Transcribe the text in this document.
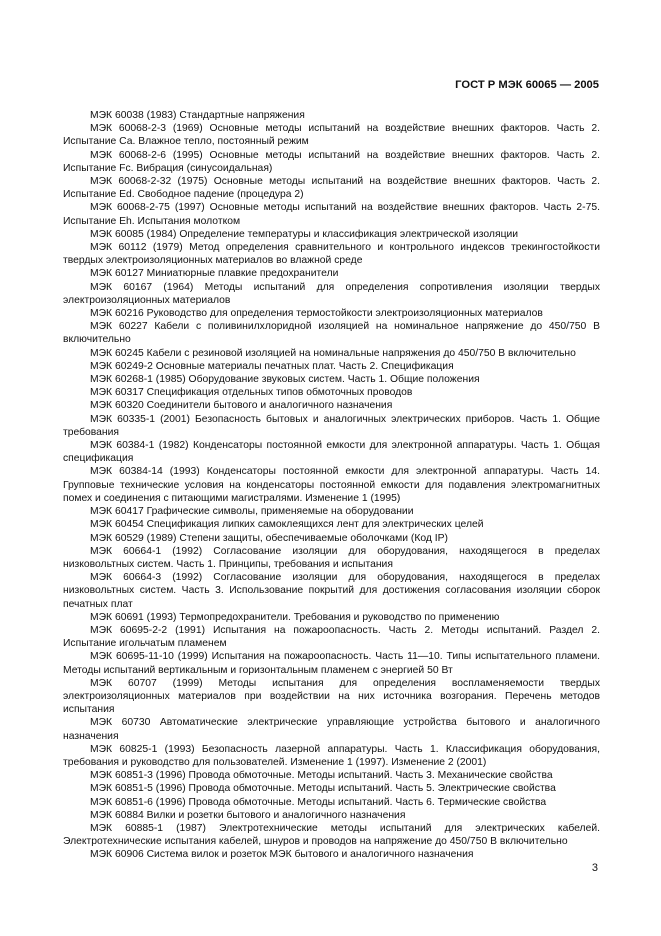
ГОСТ Р МЭК 60065 — 2005

МЭК 60038 (1983) Стандартные напряжения

МЭК 60068-2-3 (1969) Основные методы испытаний на воздействие внешних факторов. Часть 2. Испытание Са. Влажное тепло, постоянный режим

МЭК 60068-2-6 (1995) Основные методы испытаний на воздействие внешних факторов. Часть 2. Испытание Fc. Вибрация (синусоидальная)

МЭК 60068-2-32 (1975) Основные методы испытаний на воздействие внешних факторов. Часть 2. Испытание Ed. Свободное падение (процедура 2)

МЭК 60068-2-75 (1997) Основные методы испытаний на воздействие внешних факторов. Часть 2-75. Испытание Eh. Испытания молотком

МЭК 60085 (1984) Определение температуры и классификация электрической изоляции

МЭК 60112 (1979) Метод определения сравнительного и контрольного индексов трекингостойкости твердых электроизоляционных материалов во влажной среде

МЭК 60127 Миниатюрные плавкие предохранители

МЭК 60167 (1964) Методы испытаний для определения сопротивления изоляции твердых электроизоляционных материалов

МЭК 60216 Руководство для определения термостойкости электроизоляционных материалов

МЭК 60227 Кабели с поливинилхлоридной изоляцией на номинальное напряжение до 450/750 В включительно

МЭК 60245 Кабели с резиновой изоляцией на номинальные напряжения до 450/750 В включительно

МЭК 60249-2 Основные материалы печатных плат. Часть 2. Спецификация

МЭК 60268-1 (1985) Оборудование звуковых систем. Часть 1. Общие положения

МЭК 60317 Спецификация отдельных типов обмоточных проводов

МЭК 60320 Соединители бытового и аналогичного назначения

МЭК 60335-1 (2001) Безопасность бытовых и аналогичных электрических приборов. Часть 1. Общие требования

МЭК 60384-1 (1982) Конденсаторы постоянной емкости для электронной аппаратуры. Часть 1. Общая спецификация

МЭК 60384-14 (1993) Конденсаторы постоянной емкости для электронной аппаратуры. Часть 14. Групповые технические условия на конденсаторы постоянной емкости для подавления электромагнитных помех и соединения с питающими магистралями. Изменение 1 (1995)

МЭК 60417 Графические символы, применяемые на оборудовании

МЭК 60454 Спецификация липких самоклеящихся лент для электрических целей

МЭК 60529 (1989) Степени защиты, обеспечиваемые оболочками (Код IP)

МЭК 60664-1 (1992) Согласование изоляции для оборудования, находящегося в пределах низковольтных систем. Часть 1. Принципы, требования и испытания

МЭК 60664-3 (1992) Согласование изоляции для оборудования, находящегося в пределах низковольтных систем. Часть 3. Использование покрытий для достижения согласования изоляции сборок печатных плат

МЭК 60691 (1993) Термопредохранители. Требования и руководство по применению

МЭК 60695-2-2 (1991) Испытания на пожароопасность. Часть 2. Методы испытаний. Раздел 2. Испытание игольчатым пламенем

МЭК 60695-11-10 (1999) Испытания на пожароопасность. Часть 11—10. Типы испытательного пламени. Методы испытаний вертикальным и горизонтальным пламенем с энергией 50 Вт

МЭК 60707 (1999) Методы испытания для определения воспламеняемости твердых электроизоляционных материалов при воздействии на них источника возгорания. Перечень методов испытания

МЭК 60730 Автоматические электрические управляющие устройства бытового и аналогичного назначения

МЭК 60825-1 (1993) Безопасность лазерной аппаратуры. Часть 1. Классификация оборудования, требования и руководство для пользователей. Изменение 1 (1997). Изменение 2 (2001)

МЭК 60851-3 (1996) Провода обмоточные. Методы испытаний. Часть 3. Механические свойства

МЭК 60851-5 (1996) Провода обмоточные. Методы испытаний. Часть 5. Электрические свойства

МЭК 60851-6 (1996) Провода обмоточные. Методы испытаний. Часть 6. Термические свойства

МЭК 60884 Вилки и розетки бытового и аналогичного назначения

МЭК 60885-1 (1987) Электротехнические методы испытаний для электрических кабелей. Электротехнические испытания кабелей, шнуров и проводов на напряжение до 450/750 В включительно

МЭК 60906 Система вилок и розеток МЭК бытового и аналогичного назначения

3
